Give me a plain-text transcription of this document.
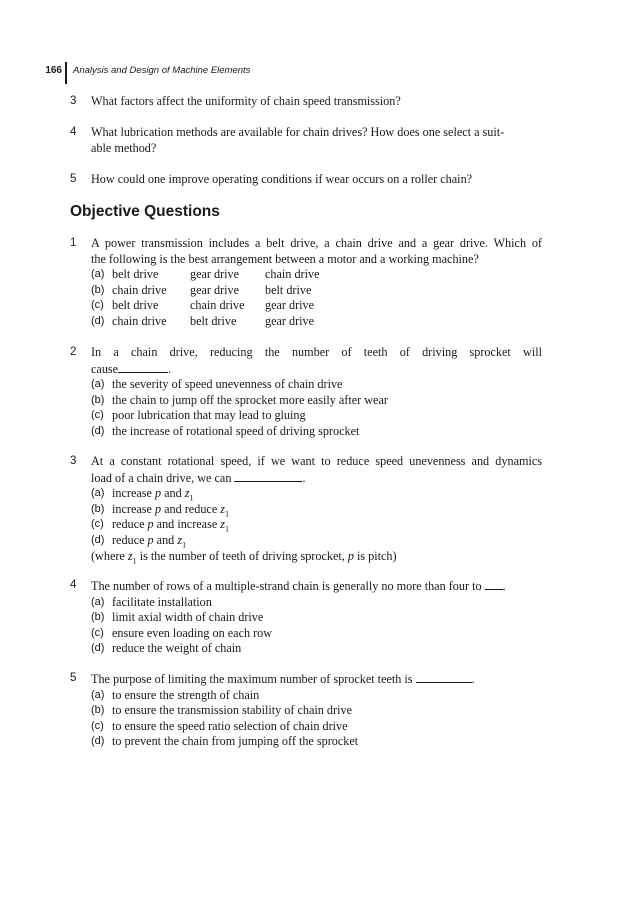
166 Analysis and Design of Machine Elements
3 What factors affect the uniformity of chain speed transmission?
4 What lubrication methods are available for chain drives? How does one select a suit-
able method?
5 How could one improve operating conditions if wear occurs on a roller chain?
Objective Questions
1 A power transmission includes a belt drive, a chain drive and a gear drive. Which of
the following is the best arrangement between a motor and a working machine?
(a) belt drive	gear drive	chain drive
(b) chain drive	gear drive	belt drive
(c) belt drive	chain drive	gear drive
(d) chain drive	belt drive	gear drive
2 In a chain drive, reducing the number of teeth of driving sprocket will
cause	.
(a) the severity of speed unevenness of chain drive
(b) the chain to jump off the sprocket more easily after wear
(c) poor lubrication that may lead to gluing
(d) the increase of rotational speed of driving sprocket
3 At a constant rotational speed, if we want to reduce speed unevenness and dynamics
load of a chain drive, we can	.
(a) increase p and $z_1$
(b) increase p and reduce $z_1$
(c) reduce p and increase $z_1$
(d) reduce p and $z_1$
(where $z_1$ is the number of teeth of driving sprocket, p is pitch)
4 The number of rows of a multiple-strand chain is generally no more than four to .
(a) facilitate installation
(b) limit axial width of chain drive
(c) ensure even loading on each row
(d) reduce the weight of chain
5 The purpose of limiting the maximum number of sprocket teeth is	.
(a) to ensure the strength of chain
(b) to ensure the transmission stability of chain drive
(c) to ensure the speed ratio selection of chain drive
(d) to prevent the chain from jumping off the sprocket
